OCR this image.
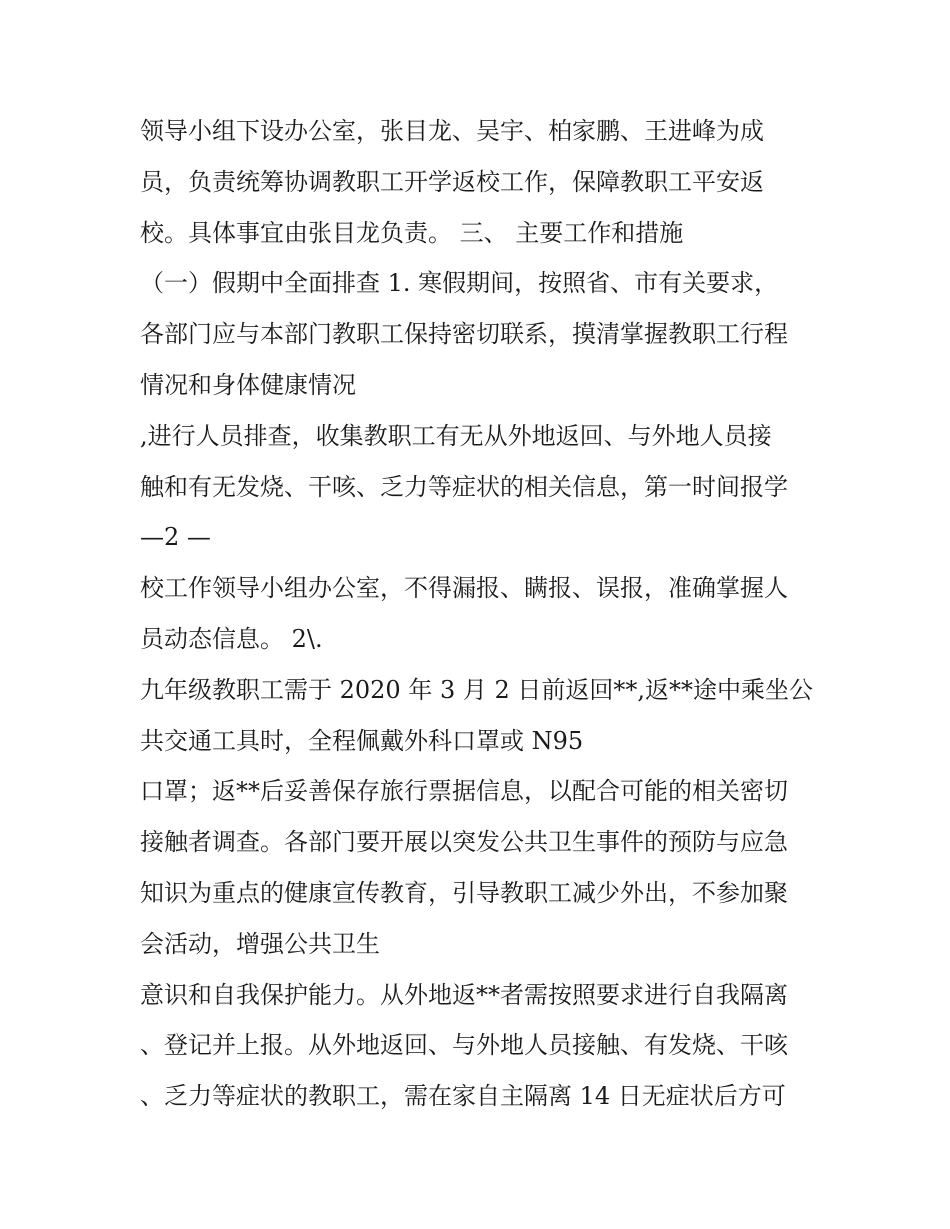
领导小组下设办公室，张目龙、吴宇、柏家鹏、王进峰为成
员，负责统筹协调教职工开学返校工作，保障教职工平安返
校。具体事宜由张目龙负责。 三、 主要工作和措施
（一）假期中全面排查 1. 寒假期间，按照省、市有关要求，
各部门应与本部门教职工保持密切联系，摸清掌握教职工行程
情况和身体健康情况
,进行人员排查，收集教职工有无从外地返回、与外地人员接
触和有无发烧、干咳、乏力等症状的相关信息，第一时间报学
—2 —
校工作领导小组办公室，不得漏报、瞒报、误报，准确掌握人
员动态信息。 2\.
九年级教职工需于 2020 年 3 月 2 日前返回**,返**途中乘坐公
共交通工具时，全程佩戴外科口罩或 N95
口罩；返**后妥善保存旅行票据信息，以配合可能的相关密切
接触者调查。各部门要开展以突发公共卫生事件的预防与应急
知识为重点的健康宣传教育，引导教职工减少外出，不参加聚
会活动，增强公共卫生
意识和自我保护能力。从外地返**者需按照要求进行自我隔离
、登记并上报。从外地返回、与外地人员接触、有发烧、干咳
、乏力等症状的教职工，需在家自主隔离 14 日无症状后方可
